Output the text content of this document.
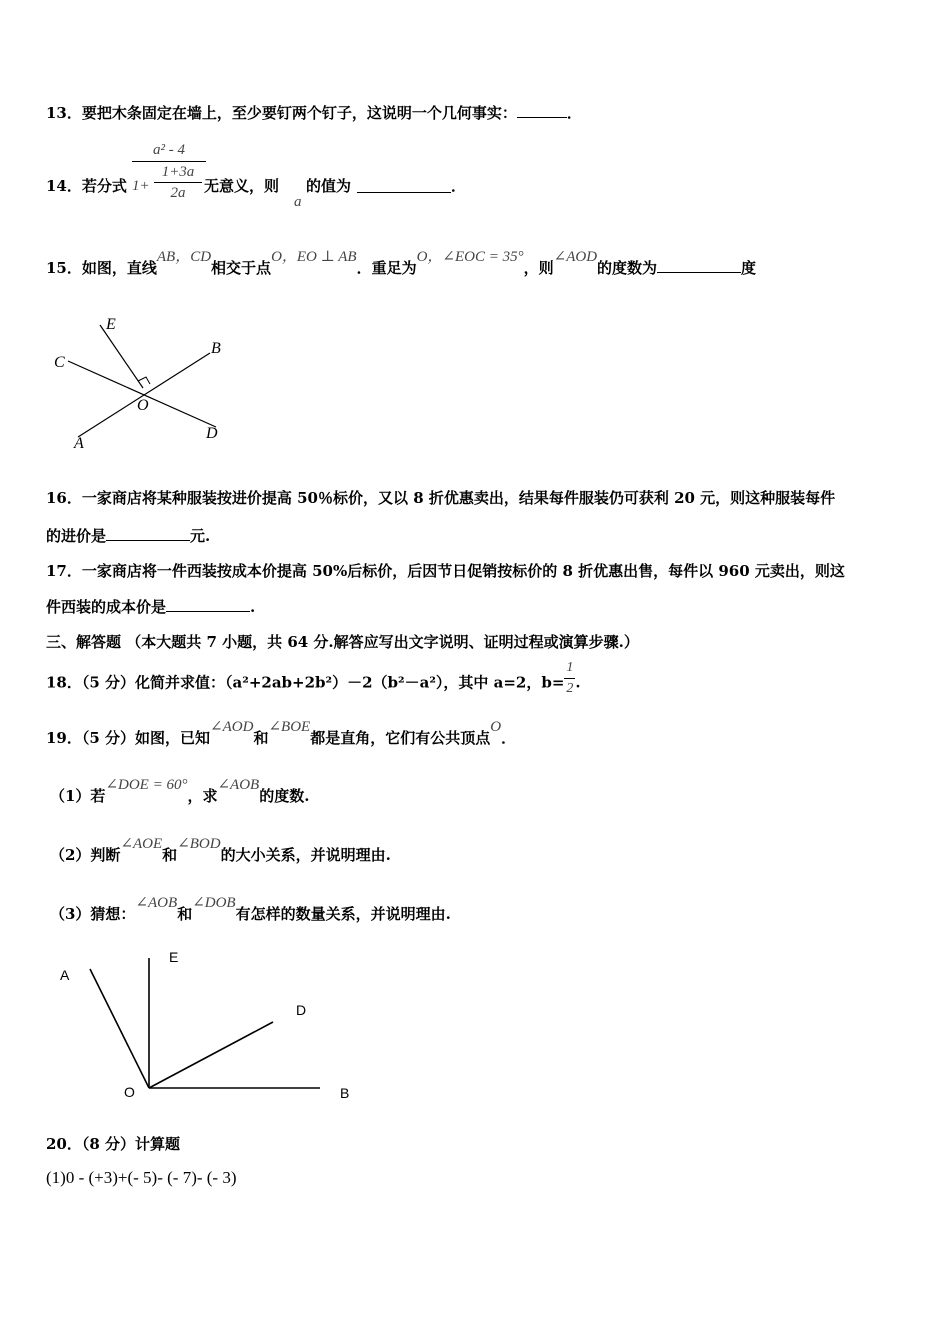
13．要把木条固定在墙上，至少要钉两个钉子，这说明一个几何事实：	．
14．若分式
a² - 4
1+
1+3a
2a	无意义，则
a
的值为	．
15．如图，直线AB，CD相交于点O，EO ⊥ AB．重足为O，∠EOC = 35°，则∠AOD的度数为	度
E
C
B
O
A
D
16．一家商店将某种服装按进价提高 50％标价，又以 8 折优惠卖出，结果每件服装仍可获利 20 元，则这种服装每件
的进价是	元.
17．一家商店将一件西装按成本价提高 50%后标价，后因节日促销按标价的 8 折优惠出售，每件以 960 元卖出，则这
件西装的成本价是	.
三、解答题 （本大题共 7 小题，共 64 分.解答应写出文字说明、证明过程或演算步骤.）
18．（5 分）化简并求值：（a²+2ab+2b²）－2（b²－a²），其中 a=2，$b= \frac{1}{2}$ .
19．（5 分）如图，已知∠AOD和∠BOE都是直角，它们有公共顶点O．
（1）若∠DOE = 60°，求∠AOB的度数.
（2）判断∠AOE和∠BOD的大小关系，并说明理由.
（3）猜想：∠AOB和∠DOB有怎样的数量关系，并说明理由.
A
E
D
O	B
20．（8 分）计算题
(1)0 - (+3)+(- 5)- (- 7)- (- 3)
